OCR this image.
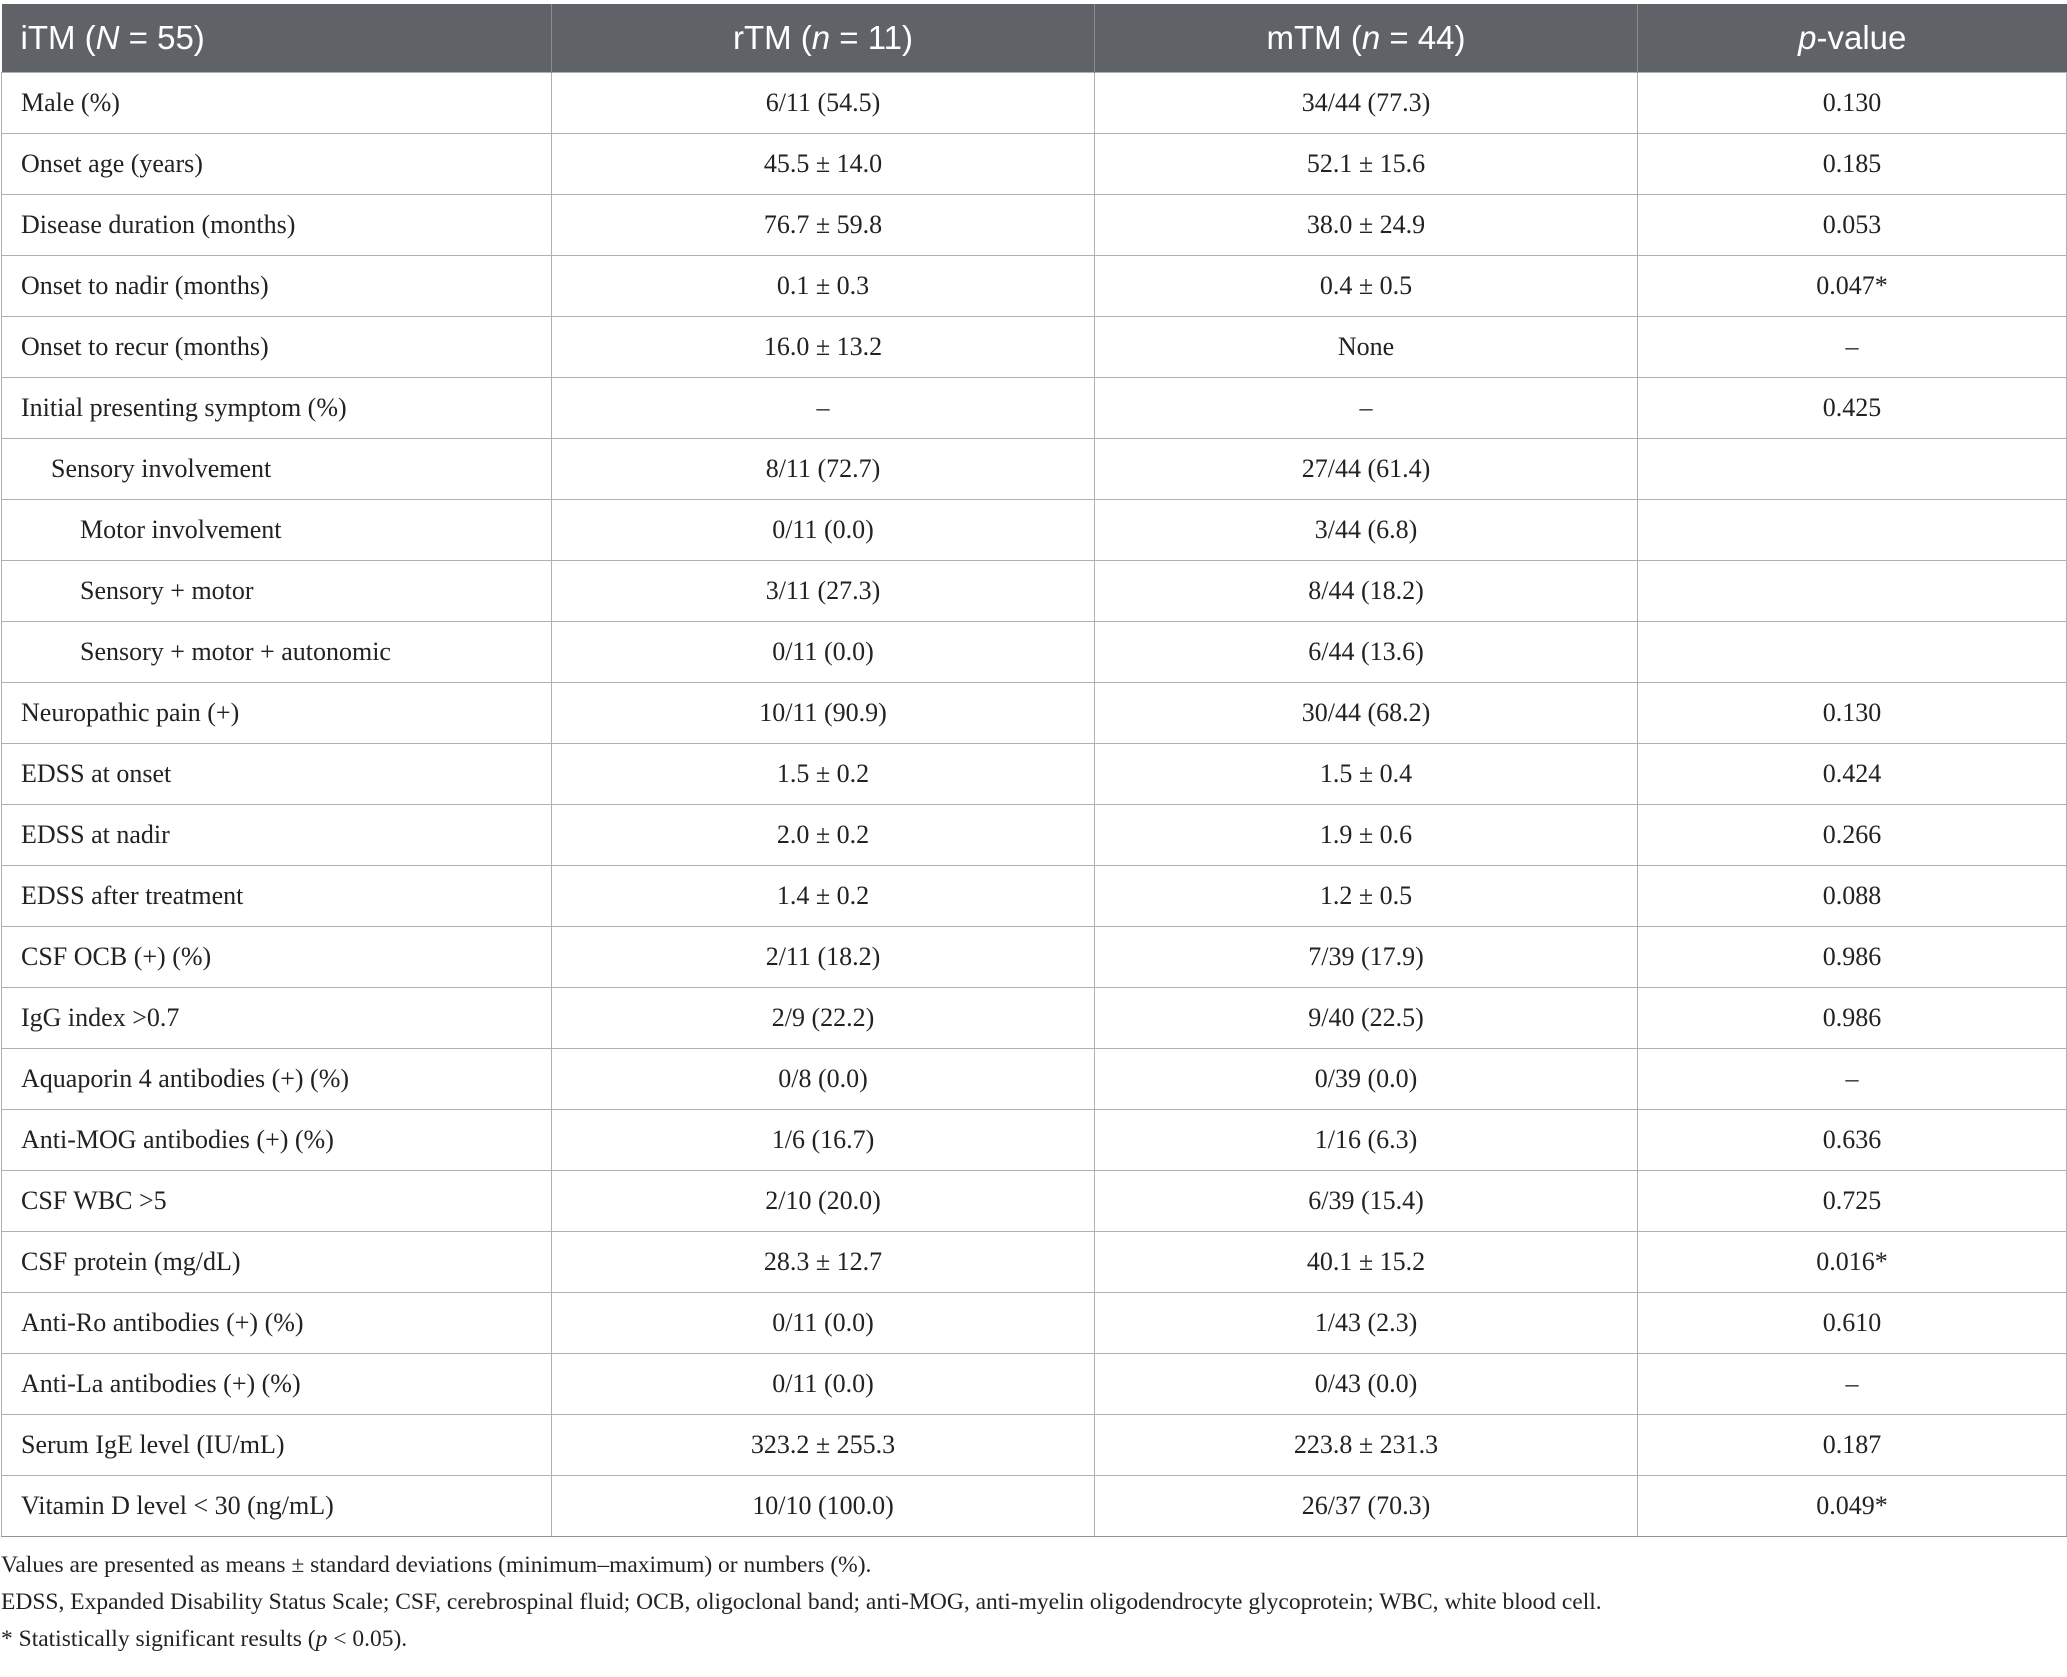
iTM (N = 55)	rTM (n = 11)	mTM (n = 44)	p-value
Male (%)	6/11 (54.5)	34/44 (77.3)	0.130
Onset age (years)	45.5 ± 14.0	52.1 ± 15.6	0.185
Disease duration (months)	76.7 ± 59.8	38.0 ± 24.9	0.053
Onset to nadir (months)	0.1 ± 0.3	0.4 ± 0.5	0.047*
Onset to recur (months)	16.0 ± 13.2	None	–
Initial presenting symptom (%)	–	–	0.425
Sensory involvement	8/11 (72.7)	27/44 (61.4)	
Motor involvement	0/11 (0.0)	3/44 (6.8)	
Sensory + motor	3/11 (27.3)	8/44 (18.2)	
Sensory + motor + autonomic	0/11 (0.0)	6/44 (13.6)	
Neuropathic pain (+)	10/11 (90.9)	30/44 (68.2)	0.130
EDSS at onset	1.5 ± 0.2	1.5 ± 0.4	0.424
EDSS at nadir	2.0 ± 0.2	1.9 ± 0.6	0.266
EDSS after treatment	1.4 ± 0.2	1.2 ± 0.5	0.088
CSF OCB (+) (%)	2/11 (18.2)	7/39 (17.9)	0.986
IgG index >0.7	2/9 (22.2)	9/40 (22.5)	0.986
Aquaporin 4 antibodies (+) (%)	0/8 (0.0)	0/39 (0.0)	–
Anti-MOG antibodies (+) (%)	1/6 (16.7)	1/16 (6.3)	0.636
CSF WBC >5	2/10 (20.0)	6/39 (15.4)	0.725
CSF protein (mg/dL)	28.3 ± 12.7	40.1 ± 15.2	0.016*
Anti-Ro antibodies (+) (%)	0/11 (0.0)	1/43 (2.3)	0.610
Anti-La antibodies (+) (%)	0/11 (0.0)	0/43 (0.0)	–
Serum IgE level (IU/mL)	323.2 ± 255.3	223.8 ± 231.3	0.187
Vitamin D level < 30 (ng/mL)	10/10 (100.0)	26/37 (70.3)	0.049*

Values are presented as means ± standard deviations (minimum–maximum) or numbers (%).

EDSS, Expanded Disability Status Scale; CSF, cerebrospinal fluid; OCB, oligoclonal band; anti-MOG, anti-myelin oligodendrocyte glycoprotein; WBC, white blood cell.

* Statistically significant results (p < 0.05).
